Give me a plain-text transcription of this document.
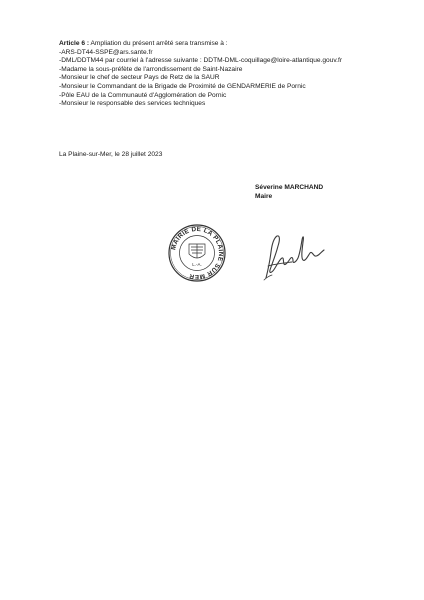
Article 6 : Ampliation du présent arrêté sera transmise à :
-ARS-DT44-SSPE@ars.sante.fr
-DML/DDTM44 par courriel à l'adresse suivante : DDTM-DML-coquillage@loire-atlantique.gouv.fr
-Madame la sous-préfète de l'arrondissement de Saint-Nazaire
-Monsieur le chef de secteur Pays de Retz de la SAUR
-Monsieur le Commandant de la Brigade de Proximité de GENDARMERIE de Pornic
-Pôle EAU de la Communauté d'Agglomération de Pornic
-Monsieur le responsable des services techniques
La Plaine-sur-Mer, le 28 juillet 2023
Séverine MARCHAND
Maire
MAIRIE DE LA PLAINE SUR MER
L.-A.
